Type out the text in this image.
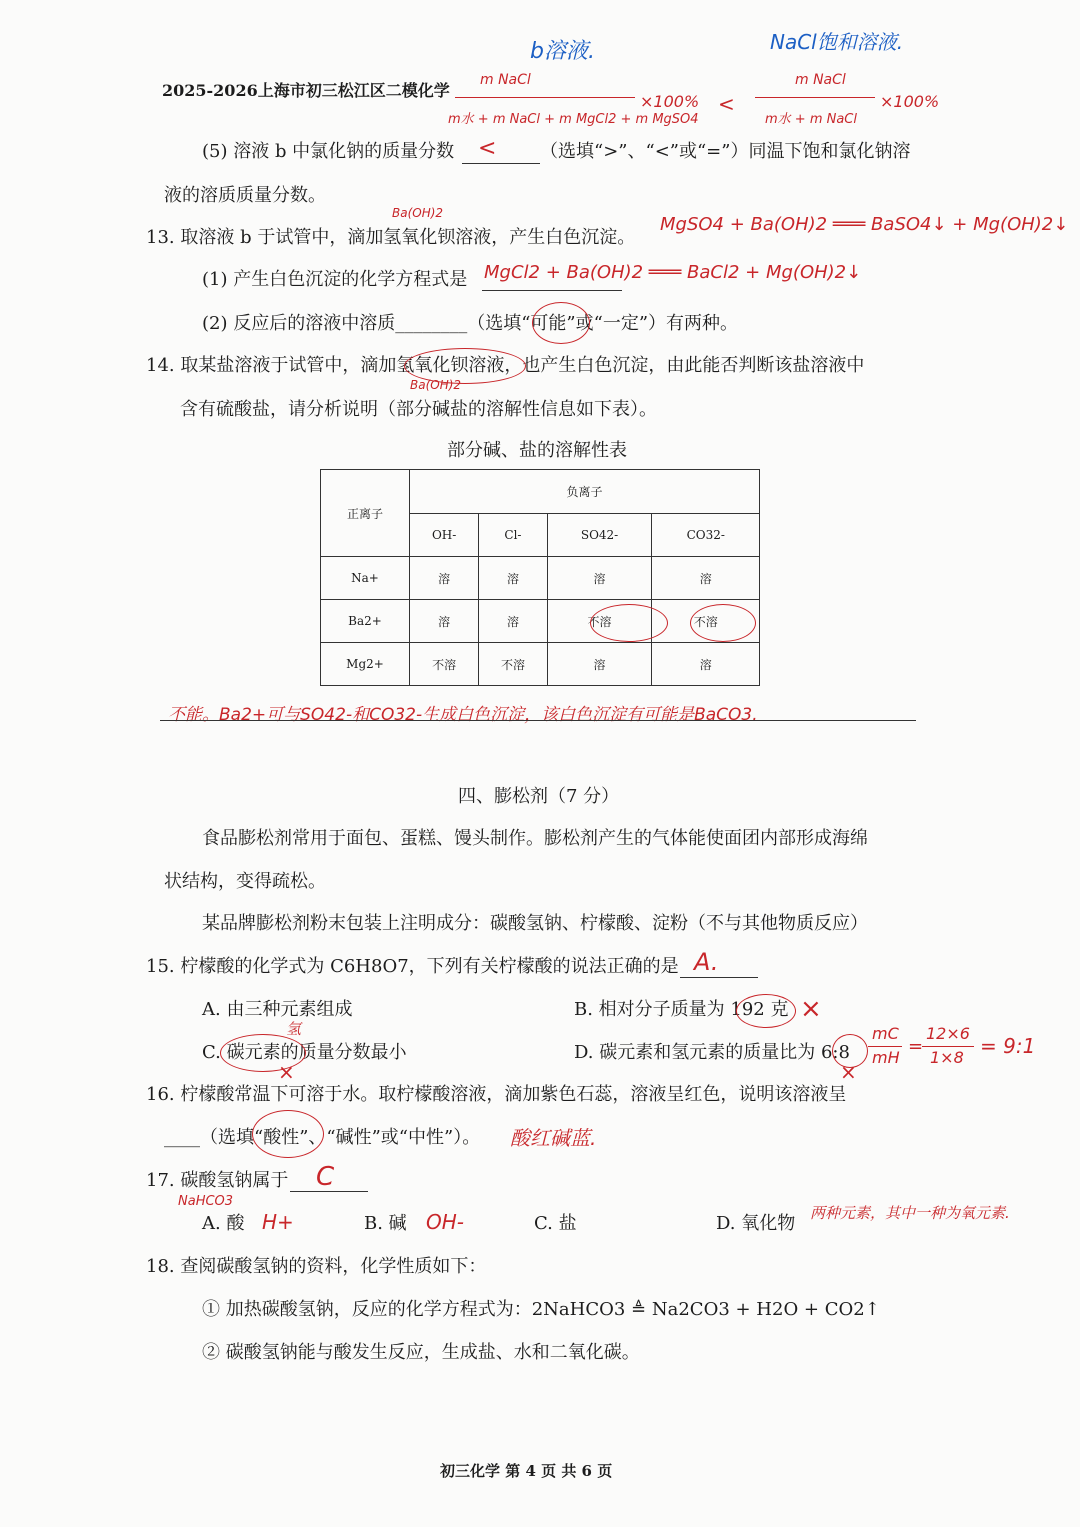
b溶液.	NaCl饱和溶液.
2025-2026上海市初三松江区二模化学
m NaCl
m水 + m NaCl + m MgCl2 + m MgSO4
×100% <
m NaCl
m水 + m NaCl
×100%
(5) 溶液 b 中氯化钠的质量分数 < （选填“>”、“<”或“=”）同温下饱和氯化钠溶
液的溶质质量分数。
Ba(OH)2
13. 取溶液 b 于试管中，滴加氢氧化钡溶液，产生白色沉淀。
MgSO4 + Ba(OH)2 ═══ BaSO4↓ + Mg(OH)2↓
(1) 产生白色沉淀的化学方程式是 MgCl2 + Ba(OH)2 ═══ BaCl2 + Mg(OH)2↓
(2) 反应后的溶液中溶质________（选填“可能”或“一定”）有两种。
14. 取某盐溶液于试管中，滴加氢氧化钡溶液，也产生白色沉淀，由此能否判断该盐溶液中
Ba(OH)2
含有硫酸盐，请分析说明（部分碱盐的溶解性信息如下表）。
部分碱、盐的溶解性表
正离子	负离子			
	OH-	Cl-	SO42-	CO32-
Na+	溶	溶	溶	溶
Ba2+	溶	溶	不溶	不溶
Mg2+	不溶	不溶	溶	溶
不能。Ba2+可与SO42-和CO32-生成白色沉淀，该白色沉淀有可能是BaCO3.
四、膨松剂（7 分）
食品膨松剂常用于面包、蛋糕、馒头制作。膨松剂产生的气体能使面团内部形成海绵
状结构，变得疏松。
某品牌膨松剂粉末包装上注明成分：碳酸氢钠、柠檬酸、淀粉（不与其他物质反应）
15. 柠檬酸的化学式为 C6H8O7，下列有关柠檬酸的说法正确的是 A.
A. 由三种元素组成	B. 相对分子质量为 192 克 ×
氢
C. 碳元素的质量分数最小
×
D. 碳元素和氢元素的质量比为 6:8
×
mC
mH
=
12×6
1×8 = 9:1
16. 柠檬酸常温下可溶于水。取柠檬酸溶液，滴加紫色石蕊，溶液呈红色，说明该溶液呈
____（选填“酸性”、“碱性”或“中性”）。 酸红碱蓝.
17. 碳酸氢钠属于 C
NaHCO3
A. 酸 H+	B. 碱 OH-	C. 盐	D. 氧化物 两种元素，其中一种为氧元素.
18. 查阅碳酸氢钠的资料，化学性质如下：
① 加热碳酸氢钠，反应的化学方程式为：2NaHCO3 ≜ Na2CO3 + H2O + CO2↑
② 碳酸氢钠能与酸发生反应，生成盐、水和二氧化碳。
初三化学 第 4 页 共 6 页
